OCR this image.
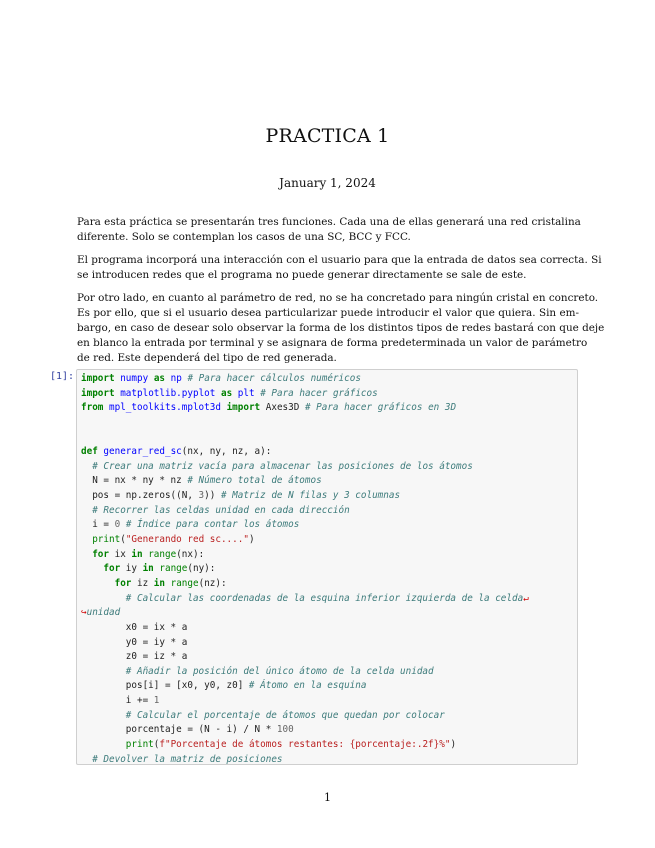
PRACTICA 1
January 1, 2024
Para esta práctica se presentarán tres funciones. Cada una de ellas generará una red cristalina
diferente. Solo se contemplan los casos de una SC, BCC y FCC.
El programa incorporá una interacción con el usuario para que la entrada de datos sea correcta. Si
se introducen redes que el programa no puede generar directamente se sale de este.
Por otro lado, en cuanto al parámetro de red, no se ha concretado para ningún cristal en concreto.
Es por ello, que si el usuario desea particularizar puede introducir el valor que quiera. Sin em-
bargo, en caso de desear solo observar la forma de los distintos tipos de redes bastará con que deje
en blanco la entrada por terminal y se asignara de forma predeterminada un valor de parámetro
de red. Este dependerá del tipo de red generada.
[1]: import numpy as np # Para hacer cálculos numéricos
import matplotlib.pyplot as plt # Para hacer gráficos
from mpl_toolkits.mplot3d import Axes3D # Para hacer gráficos en 3D
def generar_red_sc(nx, ny, nz, a):
# Crear una matriz vacía para almacenar las posiciones de los átomos
N = nx * ny * nz # Número total de átomos
pos = np.zeros((N, 3)) # Matriz de N filas y 3 columnas
# Recorrer las celdas unidad en cada dirección
i = 0 # Índice para contar los átomos
print("Generando red sc....")
for ix in range(nx):
for iy in range(ny):
for iz in range(nz):
# Calcular las coordenadas de la esquina inferior izquierda de la celda↵
↪unidad
x0 = ix * a
y0 = iy * a
z0 = iz * a
# Añadir la posición del único átomo de la celda unidad
pos[i] = [x0, y0, z0] # Átomo en la esquina
i += 1
# Calcular el porcentaje de átomos que quedan por colocar
porcentaje = (N - i) / N * 100
print(f"Porcentaje de átomos restantes: {porcentaje:.2f}%")
# Devolver la matriz de posiciones
1
